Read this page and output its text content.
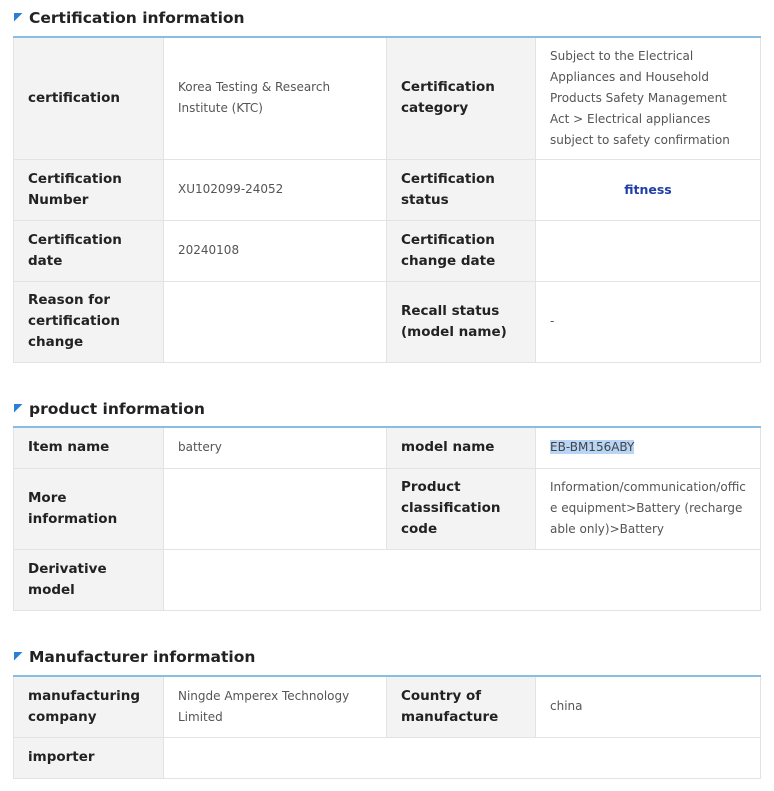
Certification information
certification	Korea Testing & Research Institute (KTC)	Certification category	Subject to the Electrical Appliances and Household Products Safety Management Act > Electrical appliances subject to safety confirmation
Certification Number	XU102099-24052	Certification status	fitness
Certification date	20240108	Certification change date	
Reason for certification change		Recall status (model name)	-
product information
Item name	battery	model name	EB-BM156ABY
More information		Product classification code	Information/communication/office equipment>Battery (rechargeable only)>Battery
Derivative model			
Manufacturer information
manufacturing company	Ningde Amperex Technology Limited	Country of manufacture	china
importer			
